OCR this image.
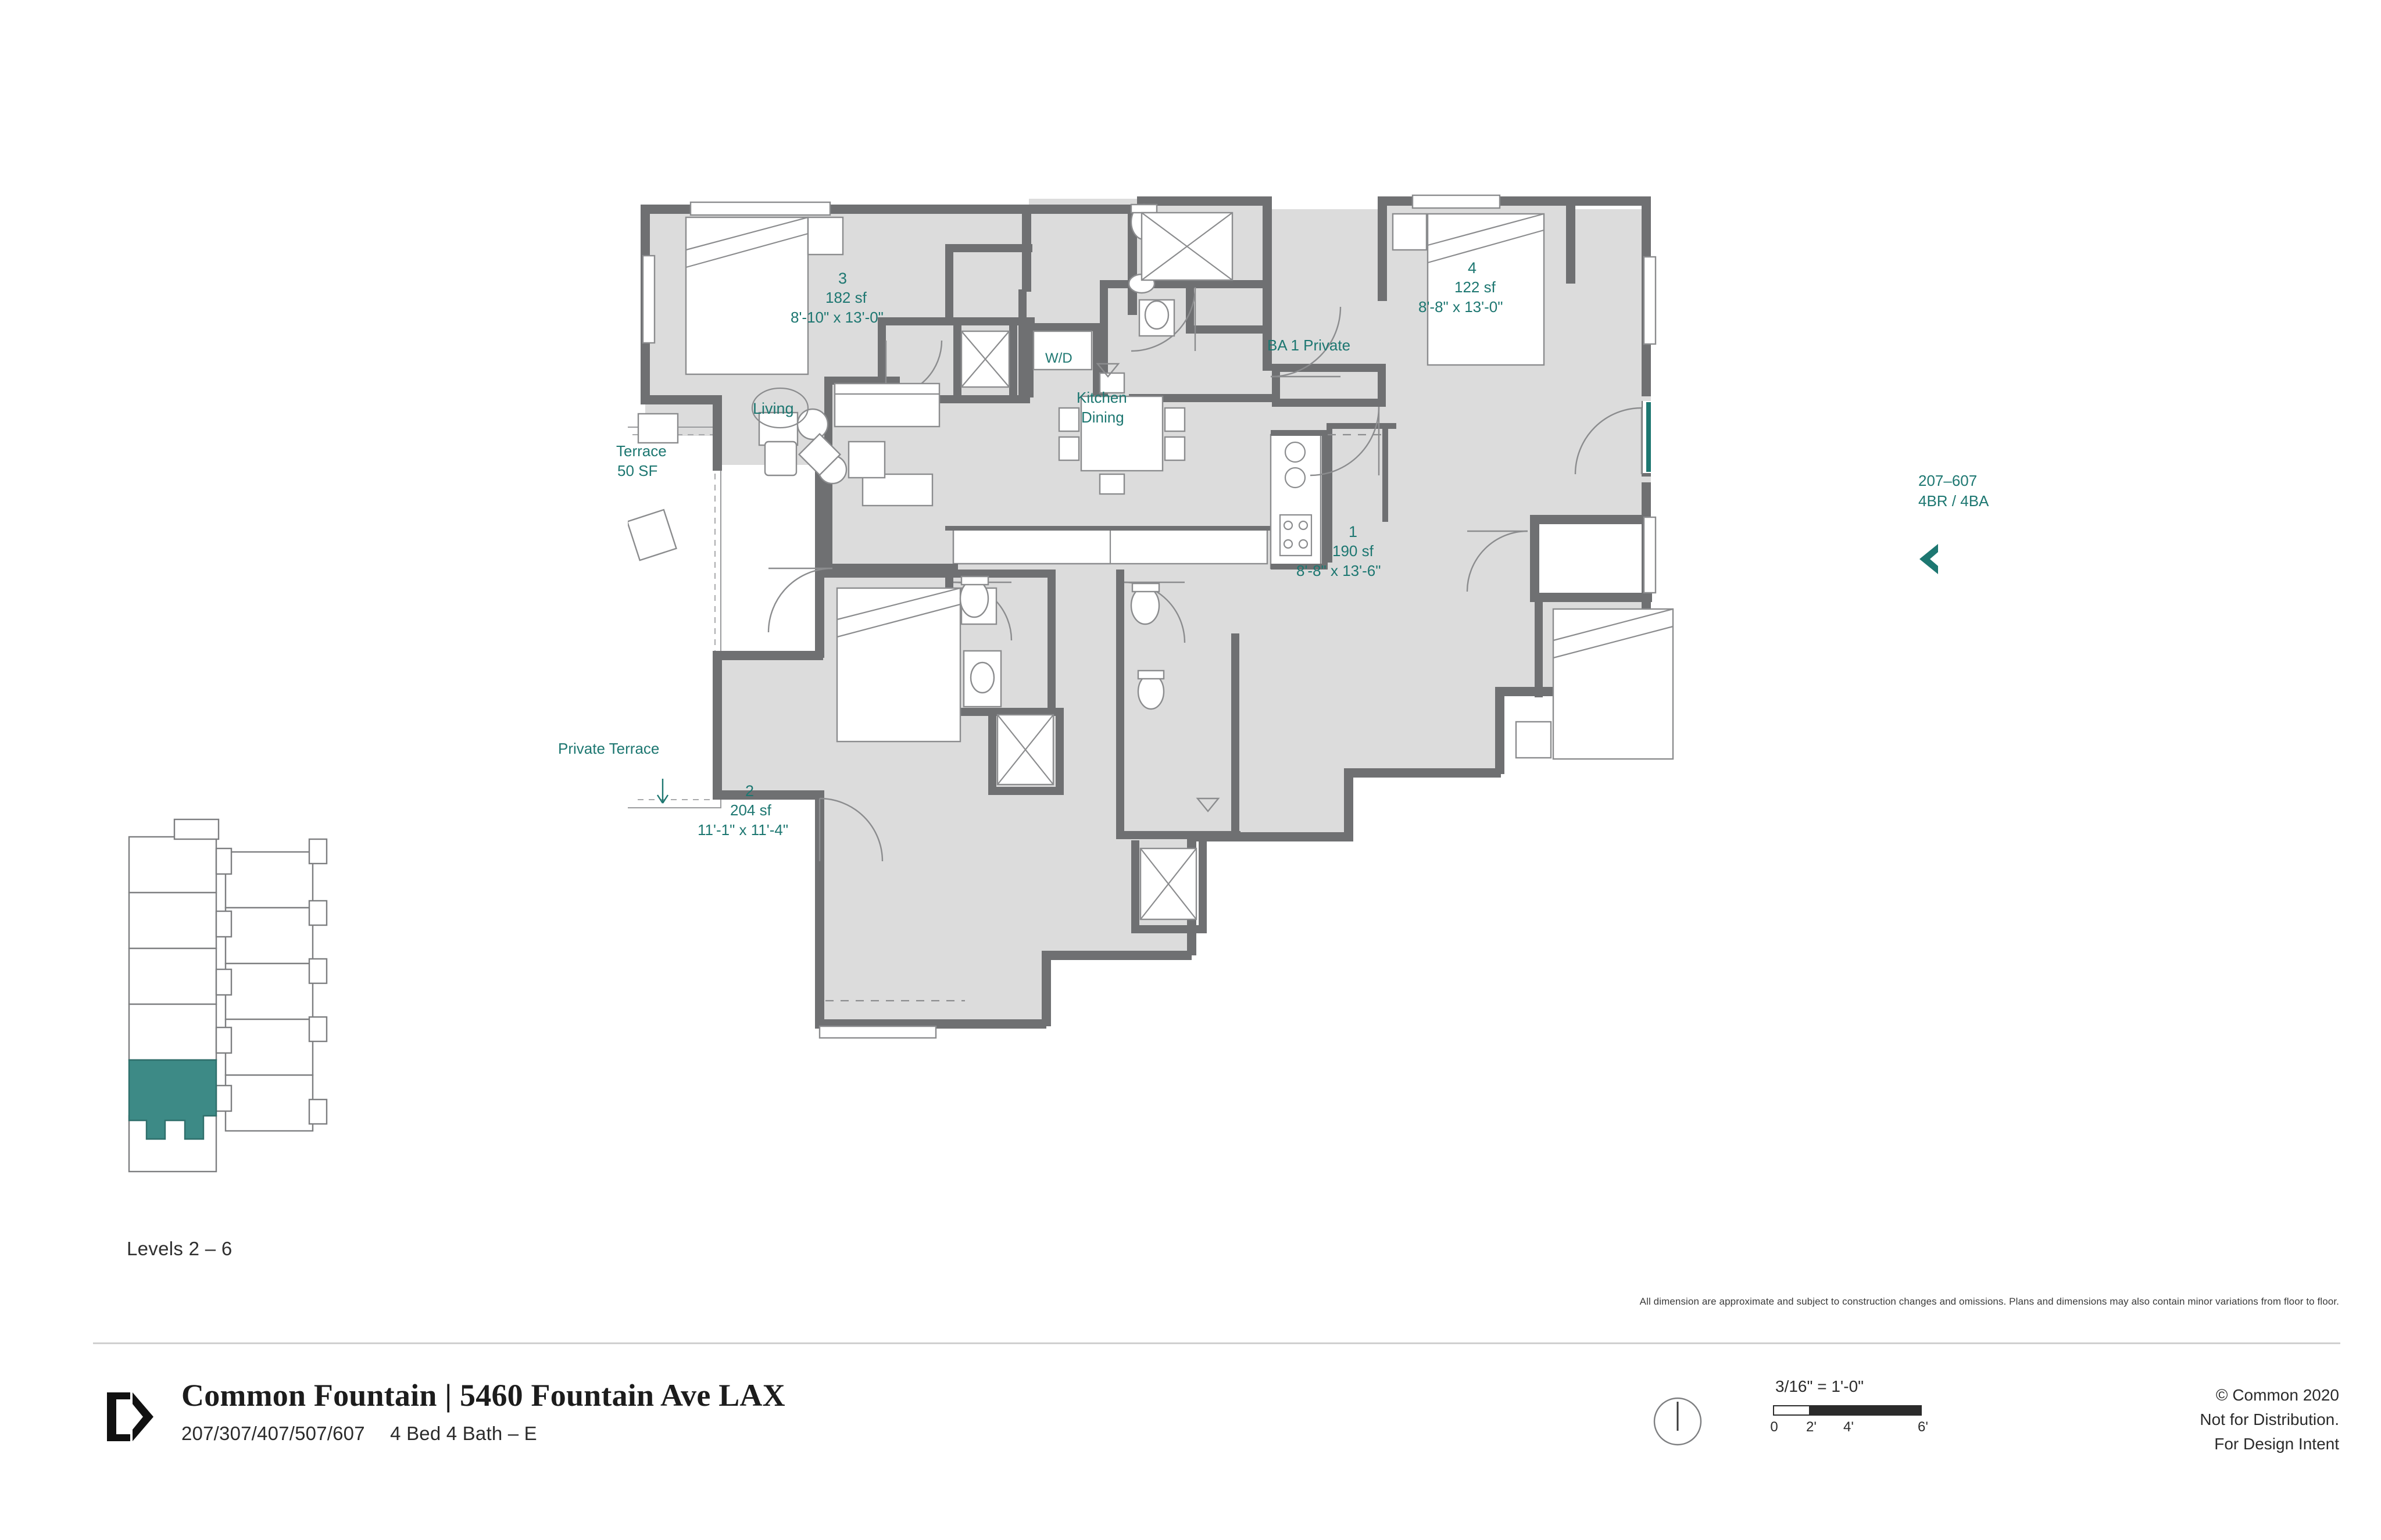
3
182 sf
8'-10" x 13'-0"
4
122 sf
8'-8" x 13'-0"
1
190 sf
8'-8" x 13'-6"
2
204 sf
11'-1" x 11'-4"
BA 1 Private
W/D
Living
Kitchen
Dining
Terrace
50 SF
Private Terrace
207–607
4BR / 4BA
Levels 2 – 6
All dimension are approximate and subject to construction changes and omissions. Plans and dimensions may also contain minor variations from floor to floor.
Common Fountain | 5460 Fountain Ave LAX
207/307/407/507/607 4 Bed 4 Bath – E
3/16" = 1'-0"
0 2' 4'	6'
© Common 2020
Not for Distribution.
For Design Intent
